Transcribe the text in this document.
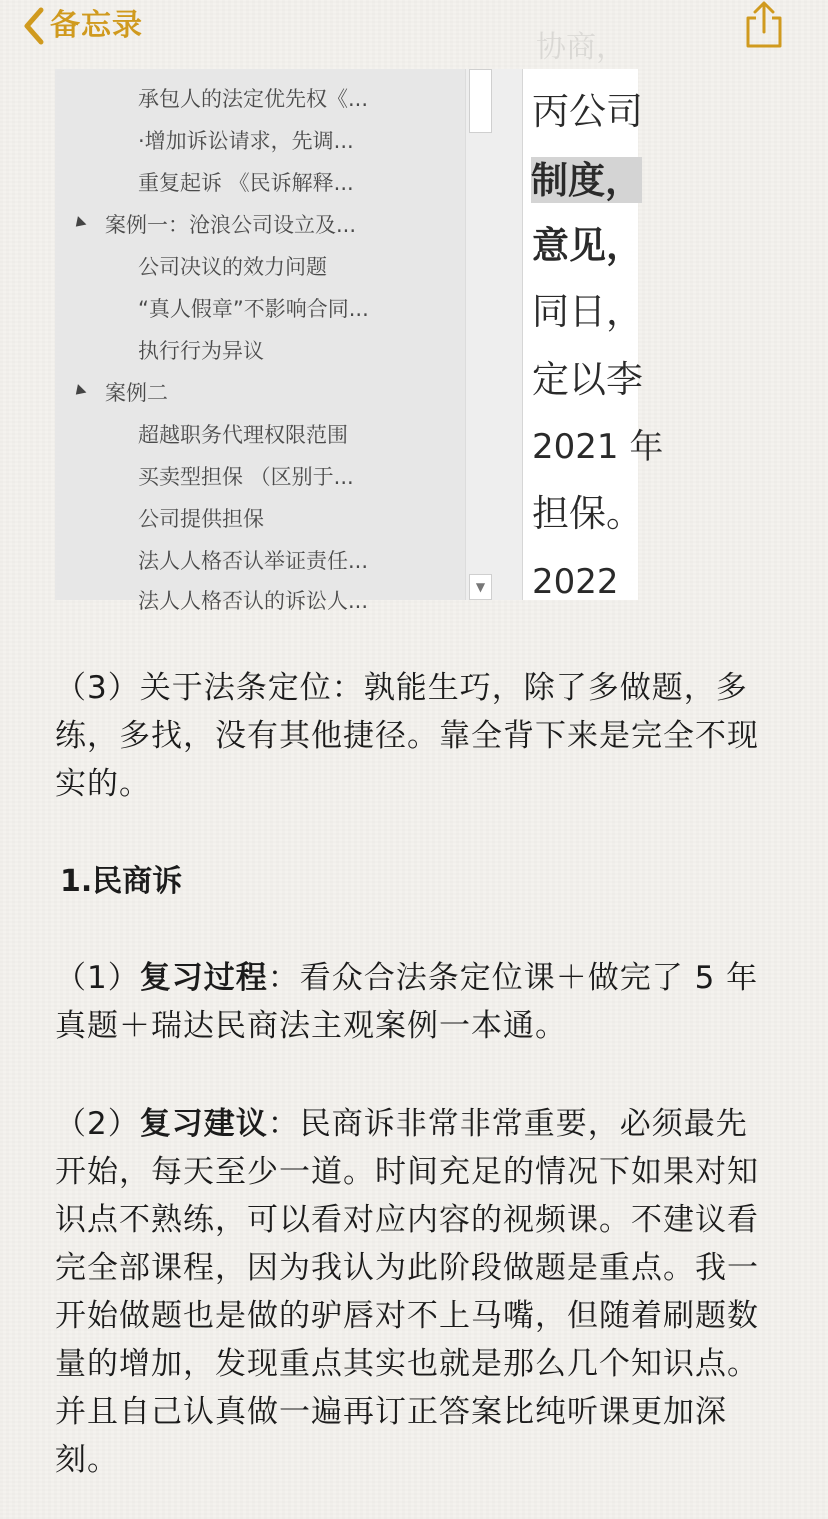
协商，
备忘录
承包人的法定优先权《...
·增加诉讼请求，先调...
重复起诉 《民诉解释...
案例一：沧浪公司设立及...
公司决议的效力问题
“真人假章”不影响合同...
执行行为异议
案例二
超越职务代理权限范围
买卖型担保 （区别于...
公司提供担保
法人人格否认举证责任...
法人人格否认的诉讼人...
▼
丙公司
制度，
意见，
同日，
定以李
2021 年
担保。
2022
（3）关于法条定位：孰能生巧，除了多做题，多练，多找，没有其他捷径。靠全背下来是完全不现实的。
1.民商诉
（1）复习过程：看众合法条定位课＋做完了 5 年真题＋瑞达民商法主观案例一本通。
（2）复习建议：民商诉非常非常重要，必须最先开始，每天至少一道。时间充足的情况下如果对知识点不熟练，可以看对应内容的视频课。不建议看完全部课程，因为我认为此阶段做题是重点。我一开始做题也是做的驴唇对不上马嘴，但随着刷题数量的增加，发现重点其实也就是那么几个知识点。并且自己认真做一遍再订正答案比纯听课更加深刻。
